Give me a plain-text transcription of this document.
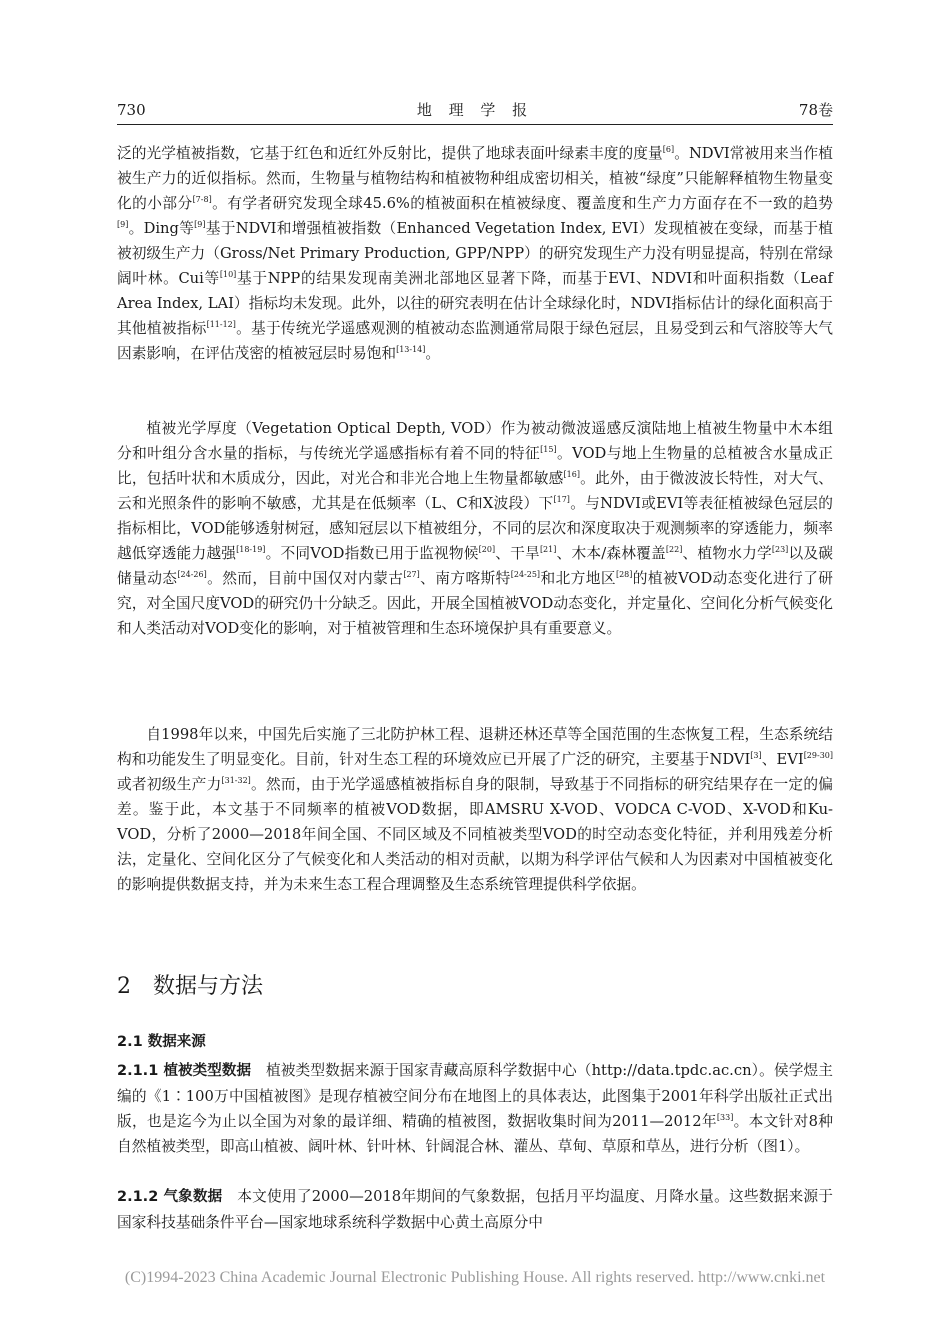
730	地 理 学 报	78卷

泛的光学植被指数，它基于红色和近红外反射比，提供了地球表面叶绿素丰度的度量[6]。NDVI常被用来当作植被生产力的近似指标。然而，生物量与植物结构和植被物种组成密切相关，植被“绿度”只能解释植物生物量变化的小部分[7-8]。有学者研究发现全球45.6%的植被面积在植被绿度、覆盖度和生产力方面存在不一致的趋势[9]。Ding等[9]基于NDVI和增强植被指数（Enhanced Vegetation Index, EVI）发现植被在变绿，而基于植被初级生产力（Gross/Net Primary Production, GPP/NPP）的研究发现生产力没有明显提高，特别在常绿阔叶林。Cui等[10]基于NPP的结果发现南美洲北部地区显著下降，而基于EVI、NDVI和叶面积指数（Leaf Area Index, LAI）指标均未发现。此外，以往的研究表明在估计全球绿化时，NDVI指标估计的绿化面积高于其他植被指标[11-12]。基于传统光学遥感观测的植被动态监测通常局限于绿色冠层，且易受到云和气溶胶等大气因素影响，在评估茂密的植被冠层时易饱和[13-14]。

植被光学厚度（Vegetation Optical Depth, VOD）作为被动微波遥感反演陆地上植被生物量中木本组分和叶组分含水量的指标，与传统光学遥感指标有着不同的特征[15]。VOD与地上生物量的总植被含水量成正比，包括叶状和木质成分，因此，对光合和非光合地上生物量都敏感[16]。此外，由于微波波长特性，对大气、云和光照条件的影响不敏感，尤其是在低频率（L、C和X波段）下[17]。与NDVI或EVI等表征植被绿色冠层的指标相比，VOD能够透射树冠，感知冠层以下植被组分，不同的层次和深度取决于观测频率的穿透能力，频率越低穿透能力越强[18-19]。不同VOD指数已用于监视物候[20]、干旱[21]、木本/森林覆盖[22]、植物水力学[23]以及碳储量动态[24-26]。然而，目前中国仅对内蒙古[27]、南方喀斯特[24-25]和北方地区[28]的植被VOD动态变化进行了研究，对全国尺度VOD的研究仍十分缺乏。因此，开展全国植被VOD动态变化，并定量化、空间化分析气候变化和人类活动对VOD变化的影响，对于植被管理和生态环境保护具有重要意义。

自1998年以来，中国先后实施了三北防护林工程、退耕还林还草等全国范围的生态恢复工程，生态系统结构和功能发生了明显变化。目前，针对生态工程的环境效应已开展了广泛的研究，主要基于NDVI[3]、EVI[29-30]或者初级生产力[31-32]。然而，由于光学遥感植被指标自身的限制，导致基于不同指标的研究结果存在一定的偏差。鉴于此，本文基于不同频率的植被VOD数据，即AMSRU X-VOD、VODCA C-VOD、X-VOD和Ku-VOD，分析了2000—2018年间全国、不同区域及不同植被类型VOD的时空动态变化特征，并利用残差分析法，定量化、空间化区分了气候变化和人类活动的相对贡献，以期为科学评估气候和人为因素对中国植被变化的影响提供数据支持，并为未来生态工程合理调整及生态系统管理提供科学依据。

2　数据与方法
2.1 数据来源

2.1.1 植被类型数据　植被类型数据来源于国家青藏高原科学数据中心（http://data.tpdc.ac.cn）。侯学煜主编的《1∶100万中国植被图》是现存植被空间分布在地图上的具体表达，此图集于2001年科学出版社正式出版，也是迄今为止以全国为对象的最详细、精确的植被图，数据收集时间为2011—2012年[33]。本文针对8种自然植被类型，即高山植被、阔叶林、针叶林、针阔混合林、灌丛、草甸、草原和草丛，进行分析（图1）。

2.1.2 气象数据　本文使用了2000—2018年期间的气象数据，包括月平均温度、月降水量。这些数据来源于国家科技基础条件平台—国家地球系统科学数据中心黄土高原分中

(C)1994-2023 China Academic Journal Electronic Publishing House. All rights reserved. http://www.cnki.net
